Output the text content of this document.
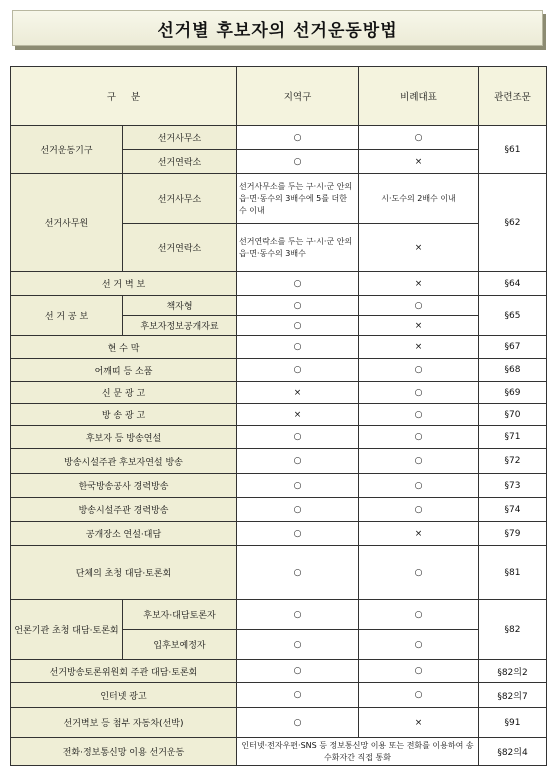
선거별 후보자의 선거운동방법
구     분		지역구	비례대표	관련조문
선거운동기구	선거사무소	○	○	§61
	선거연락소	○	×	
선거사무원	선거사무소	선거사무소를 두는 구·시·군 안의 읍·면·동수의 3배수에 5를 더한 수 이내	시·도수의 2배수 이내	§62
	선거연락소	선거연락소를 두는 구·시·군 안의 읍·면·동수의 3배수	×	
선 거 벽 보		○	×	§64
선 거 공 보	책자형	○	○	§65
	후보자정보공개자료	○	×	
현 수 막		○	×	§67
어깨띠 등 소품		○	○	§68
신 문 광 고		×	○	§69
방 송 광 고		×	○	§70
후보자 등 방송연설		○	○	§71
방송시설주관 후보자연설 방송		○	○	§72
한국방송공사 경력방송		○	○	§73
방송시설주관 경력방송		○	○	§74
공개장소 연설·대담		○	×	§79
단체의 초청 대담·토론회		○	○	§81
언론기관 초청 대담·토론회	후보자·대담토론자	○	○	§82
	입후보예정자	○	○	
선거방송토론위원회 주관 대담·토론회		○	○	§82의2
인터넷 광고		○	○	§82의7
선거벽보 등 첨부 자동차(선박)		○	×	§91
전화·정보통신망 이용 선거운동		인터넷·전자우편·SNS 등 정보통신망 이용 또는 전화를 이용하여 송수화자간 직접 통화		§82의4
